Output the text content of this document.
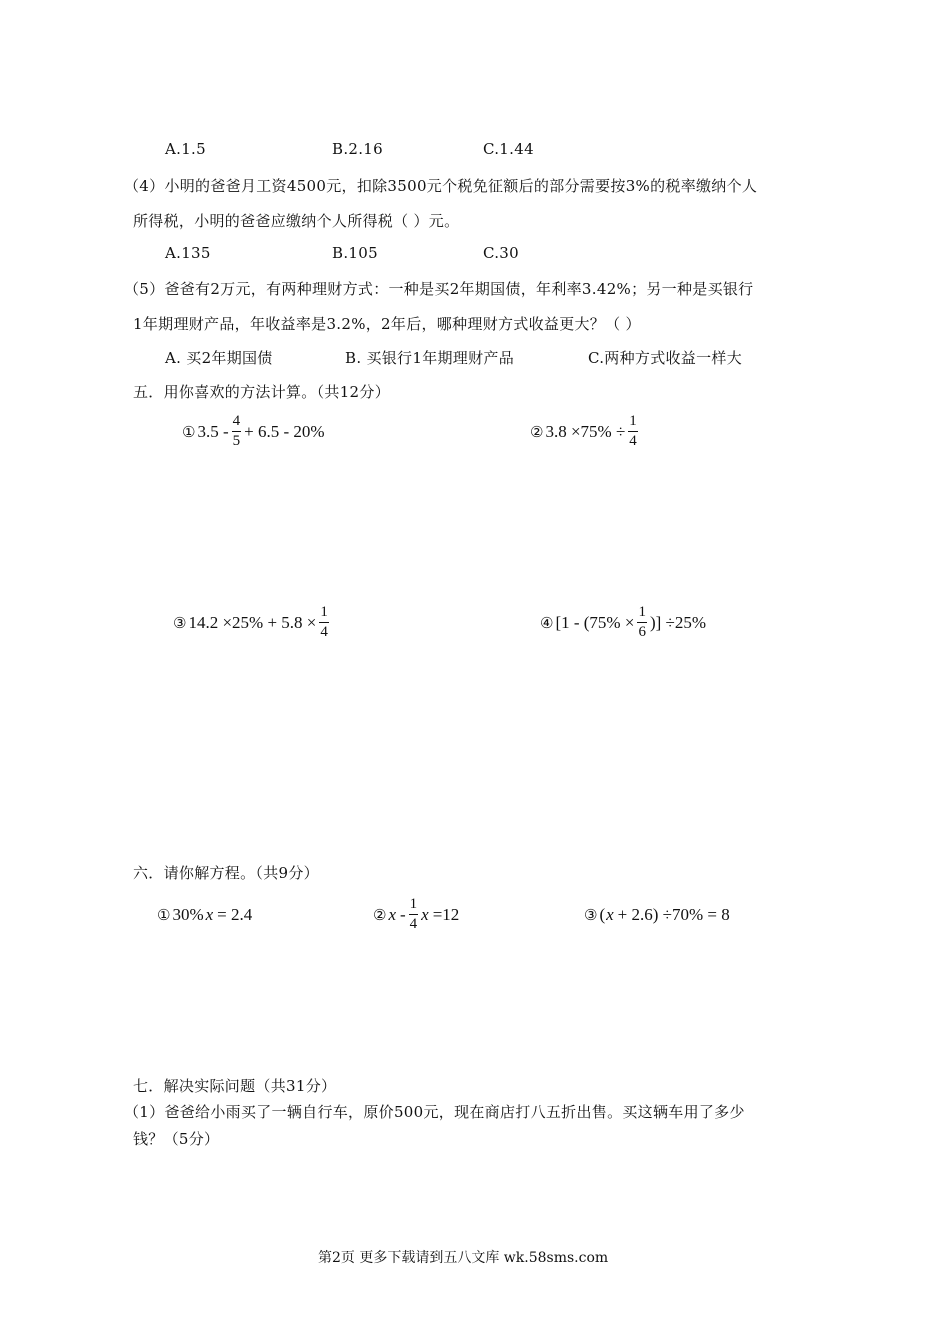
A.1.5	B.2.16	C.1.44
（4）小明的爸爸月工资4500元，扣除3500元个税免征额后的部分需要按3%的税率缴纳个人
所得税，小明的爸爸应缴纳个人所得税（ ）元。
A.135	B.105	C.30
（5）爸爸有2万元，有两种理财方式：一种是买2年期国债，年利率3.42%；另一种是买银行
1年期理财产品，年收益率是3.2%，2年后，哪种理财方式收益更大？（ ）
A. 买2年期国债	B. 买银行1年期理财产品	C.两种方式收益一样大
五．用你喜欢的方法计算。（共12分）
① $3.5 - \frac{4}{5} + 6.5 - 20\%$	② $3.8 \times 75\% \div \frac{1}{4}$
③ $14.2 \times 25\% + 5.8 \times \frac{1}{4}$	④ [$1 - (75\% \times \frac{1}{6}$ )] ÷25%
六．请你解方程。（共9分）
① 30% x = 2.4	② x - $\frac{1}{4}$ x =12	③ ( x + 2.6) ÷70% = 8
七．解决实际问题（共31分）
（1）爸爸给小雨买了一辆自行车，原价500元，现在商店打八五折出售。买这辆车用了多少
钱？（5分）
第2页 更多下载请到五八文库 wk.58sms.com
